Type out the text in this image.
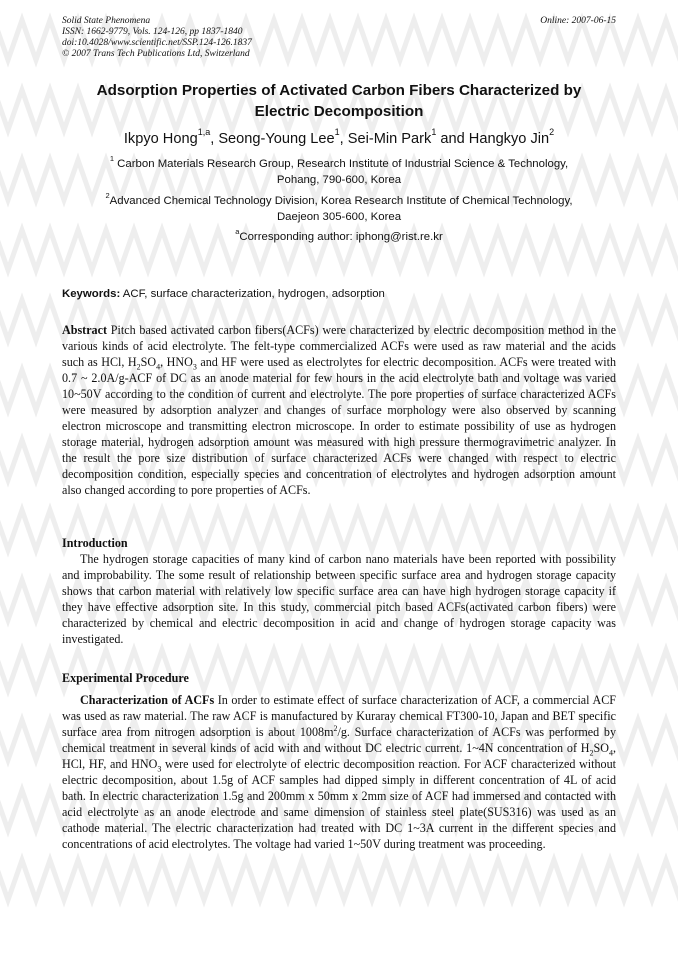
Solid State Phenomena
ISSN: 1662-9779, Vols. 124-126, pp 1837-1840
doi:10.4028/www.scientific.net/SSP.124-126.1837
© 2007 Trans Tech Publications Ltd, Switzerland
Online: 2007-06-15
Adsorption Properties of Activated Carbon Fibers Characterized by
Electric Decomposition
Ikpyo Hong$^{1,a}$, Seong-Young Lee$^1$, Sei-Min Park$^1$ and Hangkyo Jin$^2$
$^1$ Carbon Materials Research Group, Research Institute of Industrial Science & Technology,
Pohang, 790-600, Korea
$^2$Advanced Chemical Technology Division, Korea Research Institute of Chemical Technology,
Daejeon 305-600, Korea
$^a$Corresponding author: iphong@rist.re.kr
Keywords: ACF, surface characterization, hydrogen, adsorption
Abstract Pitch based activated carbon fibers(ACFs) were characterized by electric decomposition method in the various kinds of acid electrolyte. The felt-type commercialized ACFs were used as raw material and the acids such as HCl, $H_2SO_4$, $HNO_3$ and HF were used as electrolytes for electric decomposition. ACFs were treated with 0.7 ~ 2.0A/g-ACF of DC as an anode material for few hours in the acid electrolyte bath and voltage was varied 10~50V according to the condition of current and electrolyte. The pore properties of surface characterized ACFs were measured by adsorption analyzer and changes of surface morphology were also observed by scanning electron microscope and transmitting electron microscope. In order to estimate possibility of use as hydrogen storage material, hydrogen adsorption amount was measured with high pressure thermogravimetric analyzer. In the result the pore size distribution of surface characterized ACFs were changed with respect to electric decomposition condition, especially species and concentration of electrolytes and hydrogen adsorption amount also changed according to pore properties of ACFs.
Introduction
The hydrogen storage capacities of many kind of carbon nano materials have been reported with possibility and improbability. The some result of relationship between specific surface area and hydrogen storage capacity shows that carbon material with relatively low specific surface area can have high hydrogen storage capacity if they have effective adsorption site. In this study, commercial pitch based ACFs(activated carbon fibers) were characterized by chemical and electric decomposition in acid and change of hydrogen storage capacity was investigated.
Experimental Procedure
Characterization of ACFs In order to estimate effect of surface characterization of ACF, a commercial ACF was used as raw material. The raw ACF is manufactured by Kuraray chemical FT300-10, Japan and BET specific surface area from nitrogen adsorption is about $1008m^2/g$. Surface characterization of ACFs was performed by chemical treatment in several kinds of acid with and without DC electric current. 1~4N concentration of $H_2SO_4$, HCl, HF, and $HNO_3$ were used for electrolyte of electric decomposition reaction. For ACF characterized without electric decomposition, about 1.5g of ACF samples had dipped simply in different concentration of 4L of acid bath. In electric characterization 1.5g and 200mm x 50mm x 2mm size of ACF had immersed and contacted with acid electrolyte as an anode electrode and same dimension of stainless steel plate(SUS316) was used as an cathode material. The electric characterization had treated with DC 1~3A current in the different species and concentrations of acid electrolytes. The voltage had varied 1~50V during treatment was proceeding.
